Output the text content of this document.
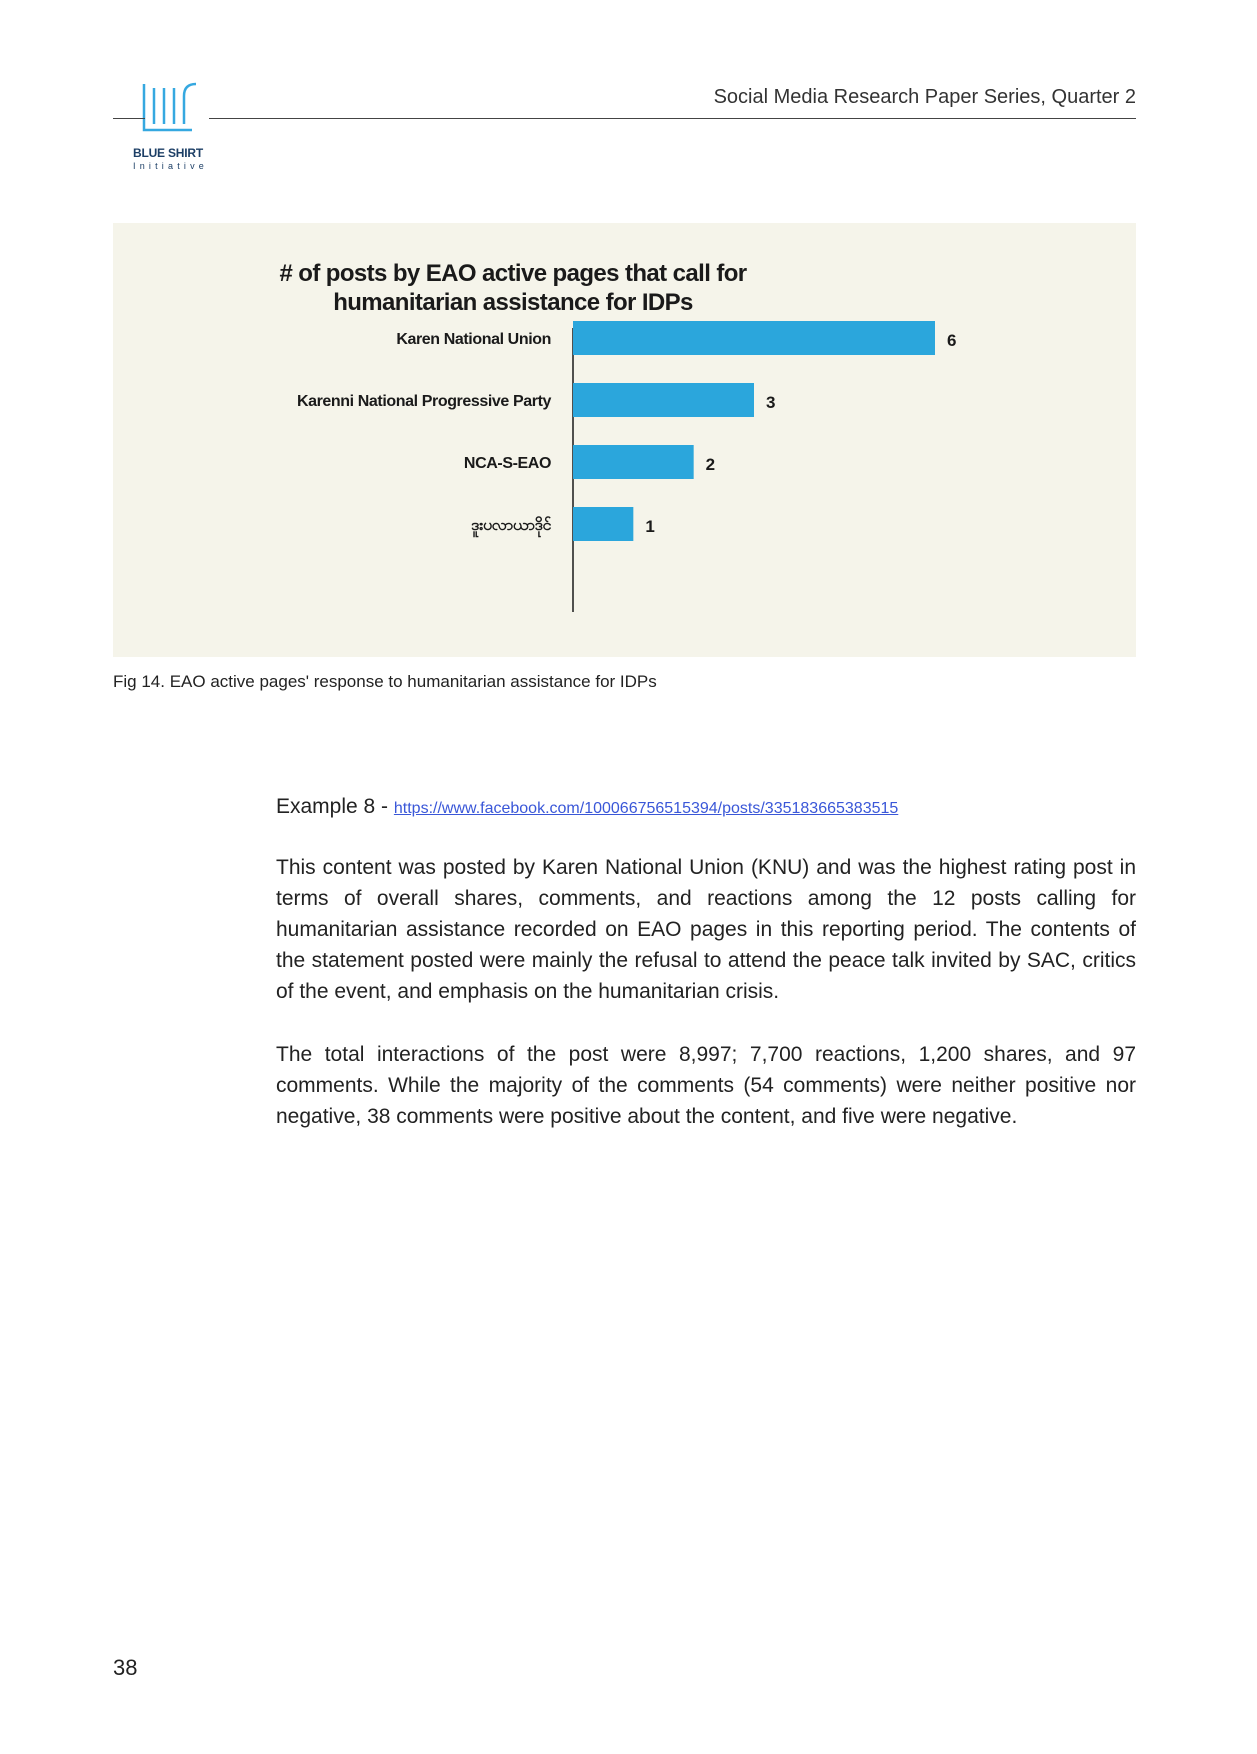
BLUE SHIRT
Initiative
Social Media Research Paper Series, Quarter 2
Karen National Union	6
Karenni National Progressive Party	3
NCA-S-EAO	2
ဒူးပလာယာဒိုင်	1
# of posts by EAO active pages that call for
humanitarian assistance for IDPs
Fig 14. EAO active pages' response to humanitarian assistance for IDPs
Example 8 - https://www.facebook.com/100066756515394/posts/335183665383515

This content was posted by Karen National Union (KNU) and was the highest rating post in terms of overall shares, comments, and reactions among the 12 posts calling for humanitarian assistance recorded on EAO pages in this reporting period. The contents of the statement posted were mainly the refusal to attend the peace talk invited by SAC, critics of the event, and emphasis on the humanitarian crisis.

The total interactions of the post were 8,997; 7,700 reactions, 1,200 shares, and 97 comments. While the majority of the comments (54 comments) were neither positive nor negative, 38 comments were positive about the content, and five were negative.

38
